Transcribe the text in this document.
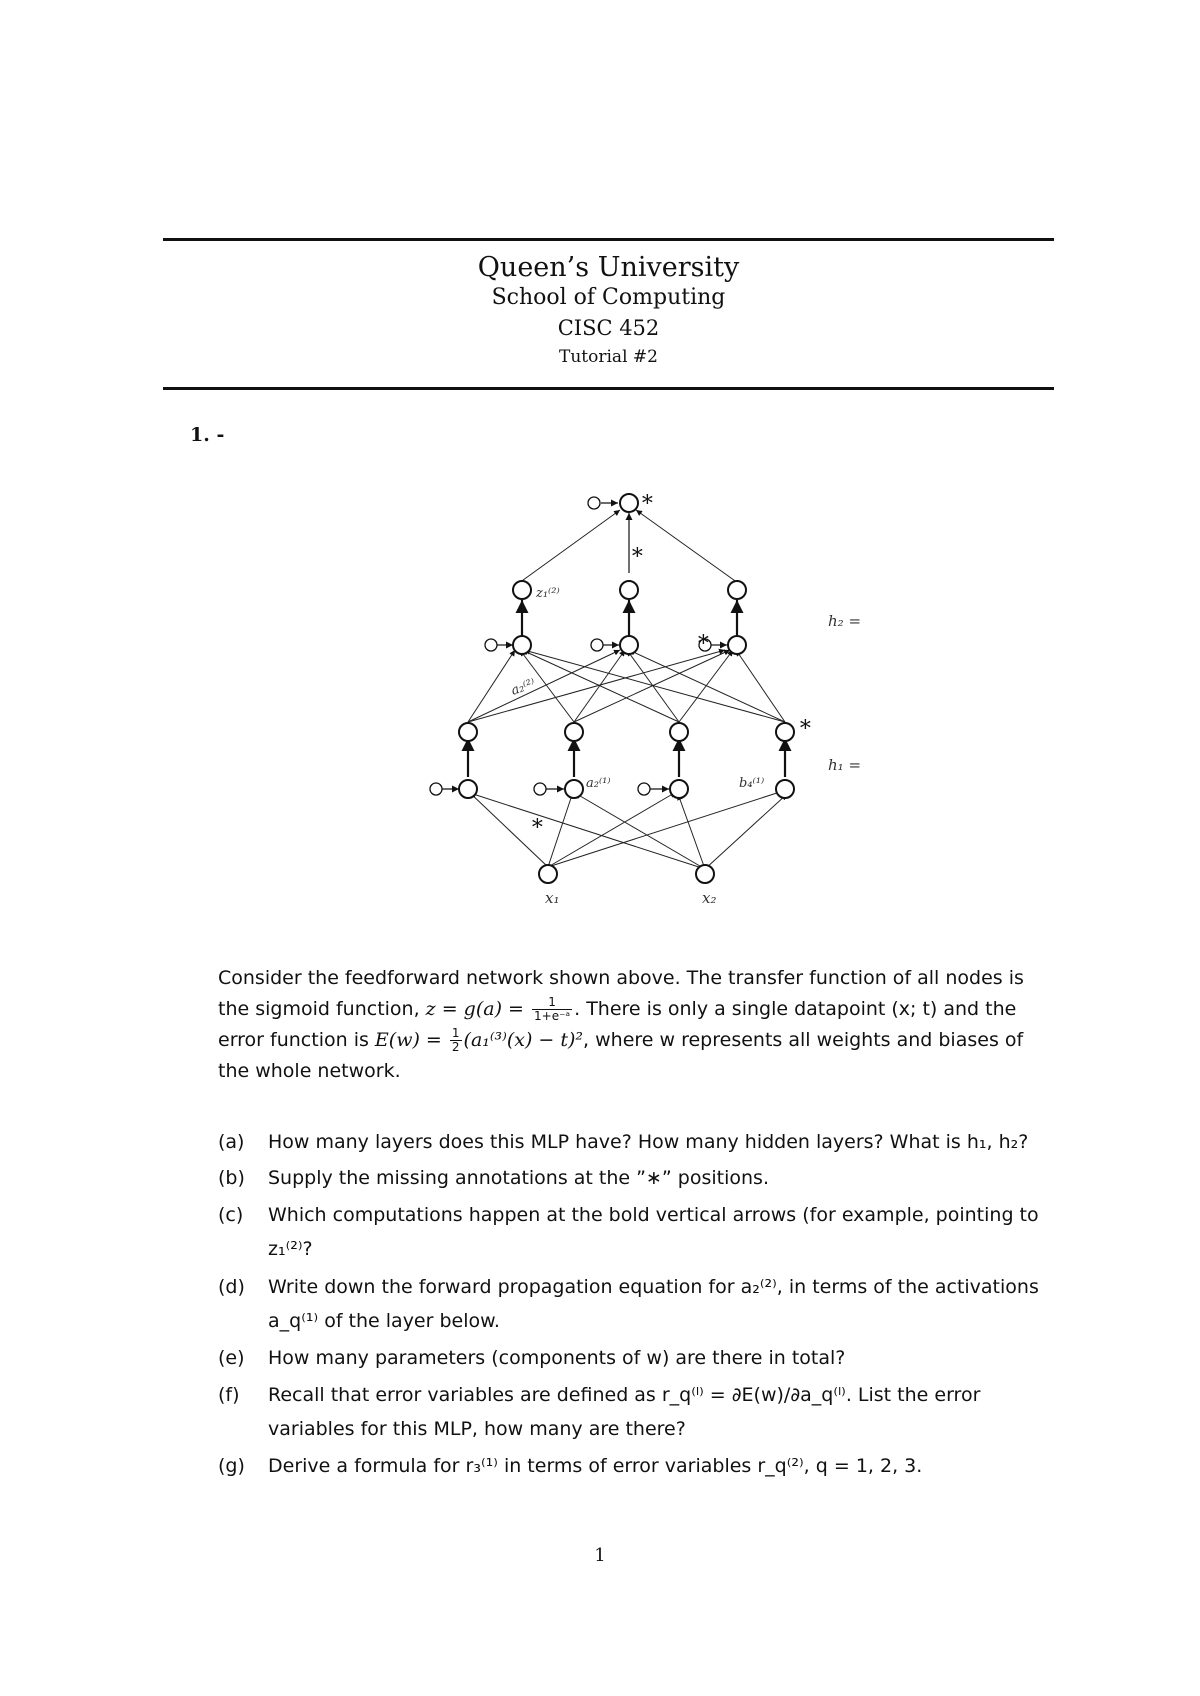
Queen’s University
School of Computing
CISC 452
Tutorial #2
1. -
∗
∗
∗
∗
∗
z₁⁽²⁾
a₂⁽²⁾
a₂⁽¹⁾	b₄⁽¹⁾
x₁	x₂
h₂ =
h₁ =
Consider the feedforward network shown above. The transfer function of all nodes is the sigmoid function, $z = g(a) = \frac{1}{\text{1+e⁻ᵃ}}$ . There is only a single datapoint (x; t) and the error function is $E(w) = \frac{1}{2} (a_1^{(3)}(x) - t)^2$, where w represents all weights and biases of the whole network.
(a) How many layers does this MLP have? How many hidden layers? What is h₁, h₂?
(b) Supply the missing annotations at the ”∗” positions.
(c) Which computations happen at the bold vertical arrows (for example, pointing to z₁⁽²⁾?
(d) Write down the forward propagation equation for a₂⁽²⁾, in terms of the activations a_q⁽¹⁾ of the layer below.
(e) How many parameters (components of w) are there in total?
(f) Recall that error variables are defined as r_q⁽ˡ⁾ = ∂E(w)/∂a_q⁽ˡ⁾. List the error variables for this MLP, how many are there?
(g) Derive a formula for r₃⁽¹⁾ in terms of error variables r_q⁽²⁾, q = 1, 2, 3.
1
